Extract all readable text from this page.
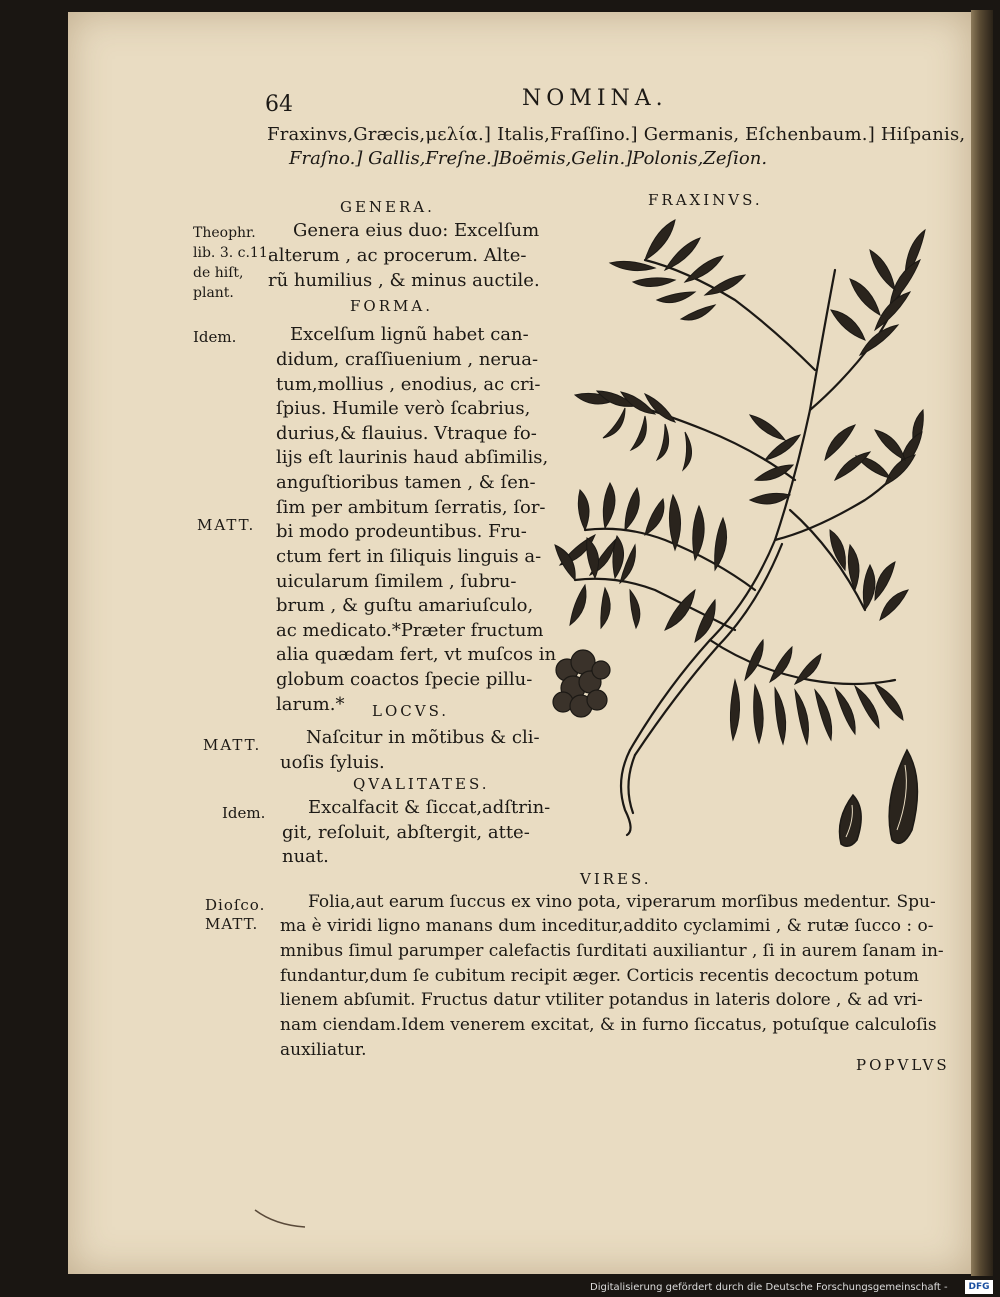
64	NOMINA.
Fraxinvs,Græcis,μελία.] Italis,Fraſſino.] Germanis, Eſchenbaum.] Hiſpanis,
Fraſno.] Gallis,Freſne.]Boëmis,Gelin.]Polonis,Zeſion.
GENERA.
FORMA.
LOCVS.
QVALITATES.
VIRES.
FRAXINVS.
Theophr.
lib. 3. c.11.
de hiſt,
plant.
Idem.
MATT.
MATT.
Idem.
Dioſco.
MATT.
Genera eius duo: Excelſum
alterum , ac procerum. Alte-
rũ humilius , & minus auctile.
Excelſum lignũ habet can-
didum, craſſiuenium , nerua-
tum,mollius , enodius, ac cri-
ſpius. Humile verò ſcabrius,
durius,& flauius. Vtraque fo-
lijs eſt laurinis haud abſimilis,
anguſtioribus tamen , & ſen-
ſim per ambitum ſerratis, ſor-
bi modo prodeuntibus. Fru-
ctum fert in ſiliquis linguis a-
uicularum ſimilem , ſubru-
brum , & guſtu amariuſculo,
ac medicato.*Præter fructum
alia quædam fert, vt muſcos in
globum coactos ſpecie pillu-
larum.*
Naſcitur in mõtibus & cli-
uoſis ſyluis.
Excalfacit & ſiccat,adſtrin-
git, reſoluit, abſtergit, atte-
nuat.
Folia,aut earum ſuccus ex vino pota, viperarum morſibus medentur. Spu-
ma è viridi ligno manans dum inceditur,addito cyclamimi , & rutæ ſucco : o-
mnibus ſimul parumper calefactis ſurditati auxiliantur , ſi in aurem ſanam in-
fundantur,dum ſe cubitum recipit æger. Corticis recentis decoctum potum
lienem abſumit. Fructus datur vtiliter potandus in lateris dolore , & ad vri-
nam ciendam.Idem venerem excitat, & in furno ſiccatus, potuſque calculoſis
auxiliatur.
POPVLVS
Digitalisierung gefördert durch die Deutsche Forschungsgemeinschaft -	DFG
